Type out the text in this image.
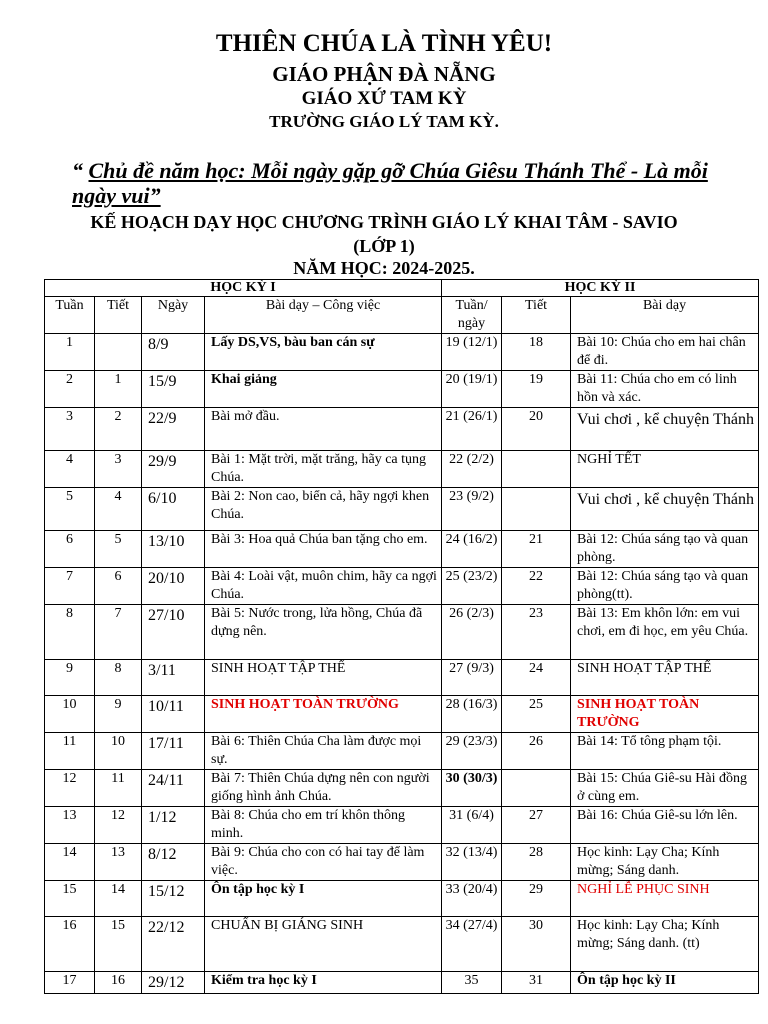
THIÊN CHÚA LÀ TÌNH YÊU!
GIÁO PHẬN ĐÀ NẴNG
GIÁO XỨ TAM KỲ
TRƯỜNG GIÁO LÝ TAM KỲ.
“ Chủ đề năm học: Mỗi ngày gặp gỡ Chúa Giêsu Thánh Thể - Là mỗi ngày vui”
KẾ HOẠCH DẠY HỌC CHƯƠNG TRÌNH GIÁO LÝ KHAI TÂM - SAVIO
(LỚP 1)
NĂM HỌC: 2024-2025.
HỌC KỲ I				HỌC KỲ II		
Tuần	Tiết	Ngày	Bài dạy – Công việc	Tuần/ ngày	Tiết	Bài dạy
1		8/9	Lấy DS,VS, bàu ban cán sự	19 (12/1)	18	Bài 10: Chúa cho em hai chân để đi.
2	1	15/9	Khai giảng	20 (19/1)	19	Bài 11: Chúa cho em có linh hồn và xác.
3	2	22/9	Bài mở đầu.	21 (26/1)	20	Vui chơi , kể chuyện Thánh
4	3	29/9	Bài 1: Mặt trời, mặt trăng, hãy ca tụng Chúa.	22 (2/2)		NGHỈ TẾT
5	4	6/10	Bài 2: Non cao, biển cả, hãy ngợi khen Chúa.	23 (9/2)		Vui chơi , kể chuyện Thánh
6	5	13/10	Bài 3: Hoa quả Chúa ban tặng cho em.	24 (16/2)	21	Bài 12: Chúa sáng tạo và quan phòng.
7	6	20/10	Bài 4: Loài vật, muôn chim, hãy ca ngợi Chúa.	25 (23/2)	22	Bài 12: Chúa sáng tạo và quan phòng(tt).
8	7	27/10	Bài 5: Nước trong, lửa hồng, Chúa đã dựng nên.	26 (2/3)	23	Bài 13: Em khôn lớn: em vui chơi, em đi học, em yêu Chúa.
9	8	3/11	SINH HOẠT TẬP THỂ	27 (9/3)	24	SINH HOẠT TẬP THỂ
10	9	10/11	SINH HOẠT TOÀN TRƯỜNG	28 (16/3)	25	SINH HOẠT TOÀN TRƯỜNG
11	10	17/11	Bài 6: Thiên Chúa Cha làm được mọi sự.	29 (23/3)	26	Bài 14: Tổ tông phạm tội.
12	11	24/11	Bài 7: Thiên Chúa dựng nên con người giống hình ảnh Chúa.	30 (30/3)		Bài 15: Chúa Giê-su Hài đồng ở cùng em.
13	12	1/12	Bài 8: Chúa cho em trí khôn thông minh.	31 (6/4)	27	Bài 16: Chúa Giê-su lớn lên.
14	13	8/12	Bài 9: Chúa cho con có hai tay để làm việc.	32 (13/4)	28	Học kinh: Lạy Cha; Kính mừng; Sáng danh.
15	14	15/12	Ôn tập học kỳ I	33 (20/4)	29	NGHỈ LỄ PHỤC SINH
16	15	22/12	CHUẨN BỊ GIÁNG SINH	34 (27/4)	30	Học kinh: Lạy Cha; Kính mừng; Sáng danh. (tt)
17	16	29/12	Kiểm tra học kỳ I	35	31	Ôn tập học kỳ II
